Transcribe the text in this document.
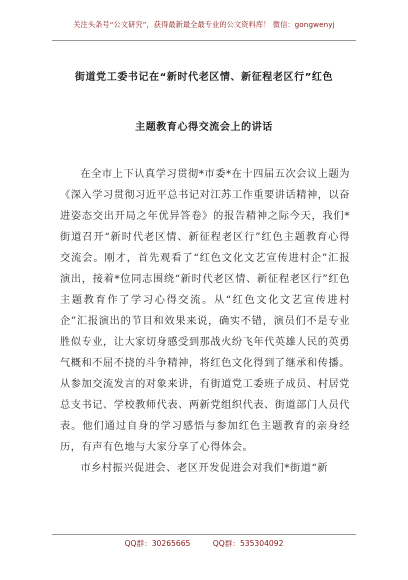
关注头条号“公文研究”，获得最新最全最专业的公文资料库！ 微信：gongwenyj
街道党工委书记在“新时代老区情、新征程老区行”红色
主题教育心得交流会上的讲话

在全市上下认真学习贯彻*市委*在十四届五次会议上题为《深入学习贯彻习近平总书记对江苏工作重要讲话精神，以奋进姿态交出开局之年优异答卷》的报告精神之际今天，我们*街道召开“新时代老区情、新征程老区行”红色主题教育心得交流会。刚才，首先观看了“红色文化文艺宣传进村企”汇报演出，接着*位同志围绕“新时代老区情、新征程老区行”红色主题教育作了学习心得交流。从“红色文化文艺宣传进村企”汇报演出的节目和效果来说，确实不错，演员们不是专业胜似专业，让大家切身感受到那战火纷飞年代英雄人民的英勇气概和不屈不挠的斗争精神，将红色文化得到了继承和传播。从参加交流发言的对象来讲，有街道党工委班子成员、村居党总支书记、学校教师代表、两新党组织代表、街道部门人员代表。他们通过自身的学习感悟与参加红色主题教育的亲身经历，有声有色地与大家分享了心得体会。

市乡村振兴促进会、老区开发促进会对我们*街道“新

QQ群：30265665	QQ群：535304092
